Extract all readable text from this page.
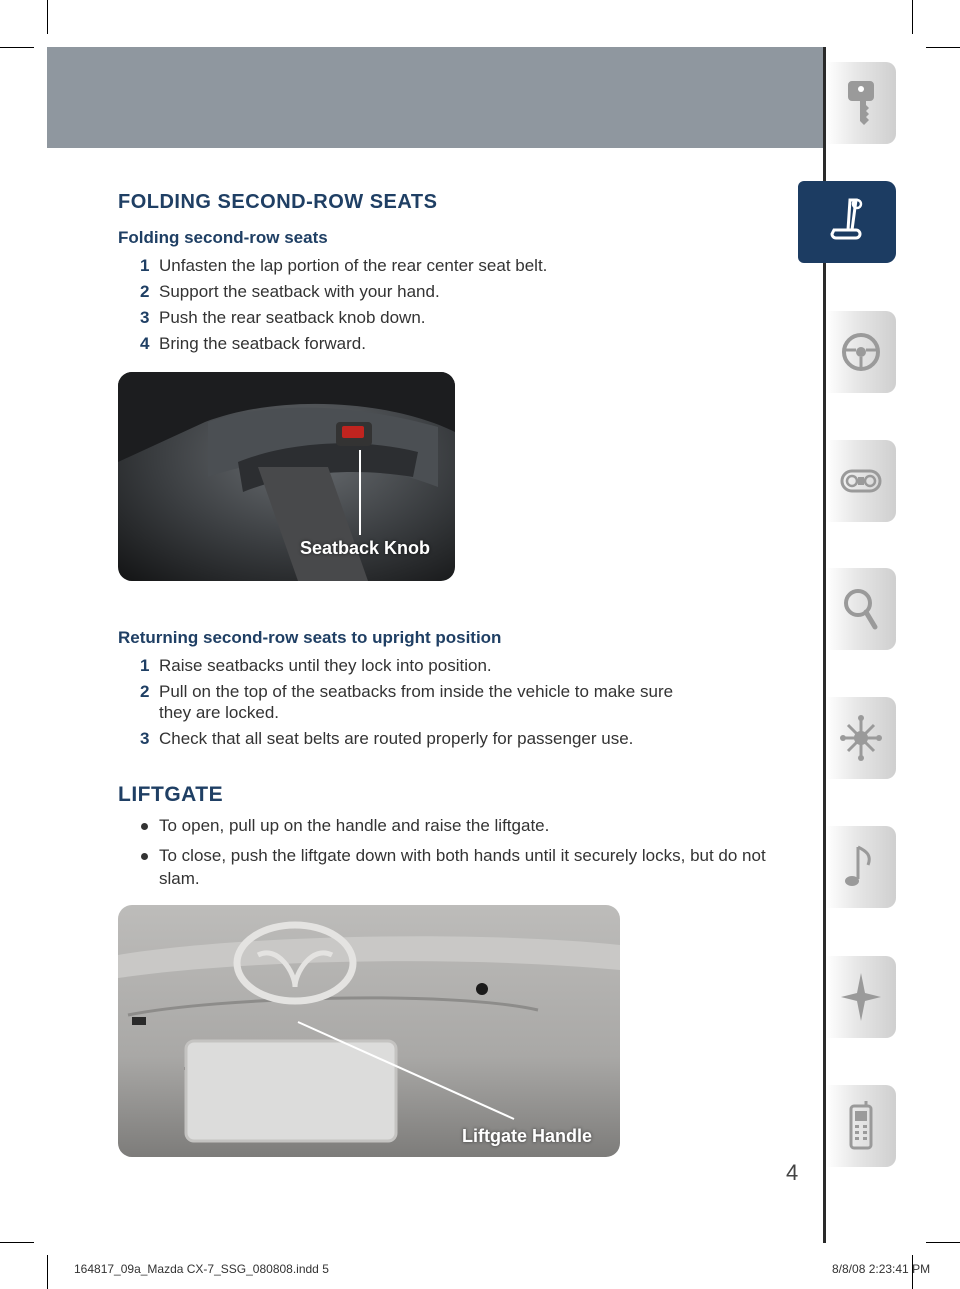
FOLDING SECOND-ROW SEATS
Folding second-row seats
1 Unfasten the lap portion of the rear center seat belt.
2 Support the seatback with your hand.
3 Push the rear seatback knob down.
4 Bring the seatback forward.
Seatback Knob
Returning second-row seats to upright position
1 Raise seatbacks until they lock into position.
2 Pull on the top of the seatbacks from inside the vehicle to make sure they are locked.
3 Check that all seat belts are routed properly for passenger use.
LIFTGATE
To open, pull up on the handle and raise the liftgate.
To close, push the liftgate down with both hands until it securely locks, but do not slam.
Liftgate Handle
4
164817_09a_Mazda CX-7_SSG_080808.indd 5	8/8/08 2:23:41 PM
